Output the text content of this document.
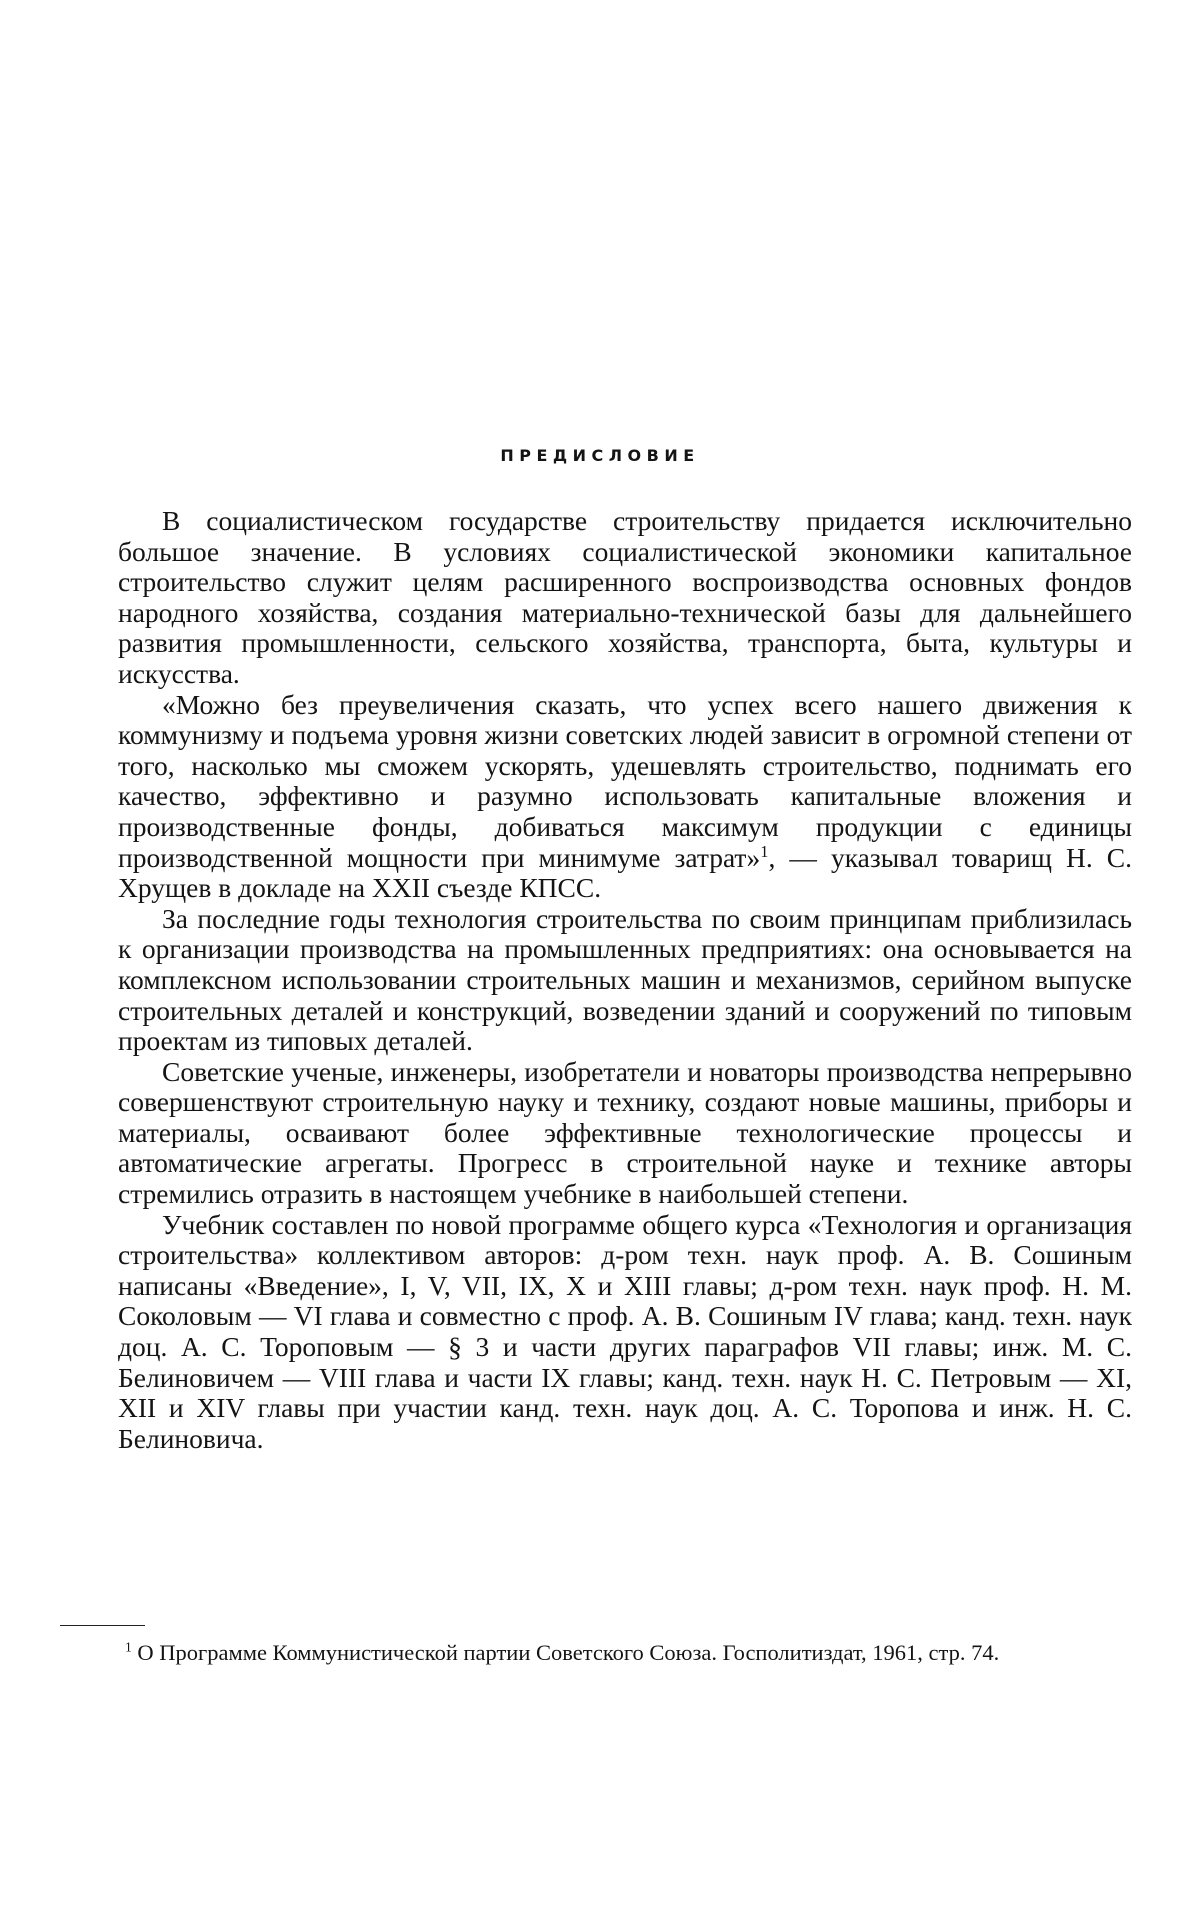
ПРЕДИСЛОВИЕ

В социалистическом государстве строительству придается исключительно большое значение. В условиях социалистической экономики капитальное строительство служит целям расширенного воспроизводства основных фондов народного хозяйства, создания материально-технической базы для дальнейшего развития промышленности, сельского хозяйства, транспорта, быта, культуры и искусства.

«Можно без преувеличения сказать, что успех всего нашего движения к коммунизму и подъема уровня жизни советских людей зависит в огромной степени от того, насколько мы сможем ускорять, удешевлять строительство, поднимать его качество, эффективно и разумно использовать капитальные вложения и производственные фонды, добиваться максимум продукции с единицы производственной мощности при минимуме затрат»$^1$, — указывал товарищ Н. С. Хрущев в докладе на XXII съезде КПСС.

За последние годы технология строительства по своим принципам приблизилась к организации производства на промышленных предприятиях: она основывается на комплексном использовании строительных машин и механизмов, серийном выпуске строительных деталей и конструкций, возведении зданий и сооружений по типовым проектам из типовых деталей.

Советские ученые, инженеры, изобретатели и новаторы производства непрерывно совершенствуют строительную науку и технику, создают новые машины, приборы и материалы, осваивают более эффективные технологические процессы и автоматические агрегаты. Прогресс в строительной науке и технике авторы стремились отразить в настоящем учебнике в наибольшей степени.

Учебник составлен по новой программе общего курса «Технология и организация строительства» коллективом авторов: д-ром техн. наук проф. А. В. Сошиным написаны «Введение», I, V, VII, IX, X и XIII главы; д-ром техн. наук проф. Н. М. Соколовым — VI глава и совместно с проф. А. В. Сошиным IV глава; канд. техн. наук доц. А. С. Тороповым — § 3 и части других параграфов VII главы; инж. М. С. Белиновичем — VIII глава и части IX главы; канд. техн. наук Н. С. Петровым — XI, XII и XIV главы при участии канд. техн. наук доц. А. С. Торопова и инж. Н. С. Белиновича.

$^1$ О Программе Коммунистической партии Советского Союза. Госполитиздат, 1961, стр. 74.
